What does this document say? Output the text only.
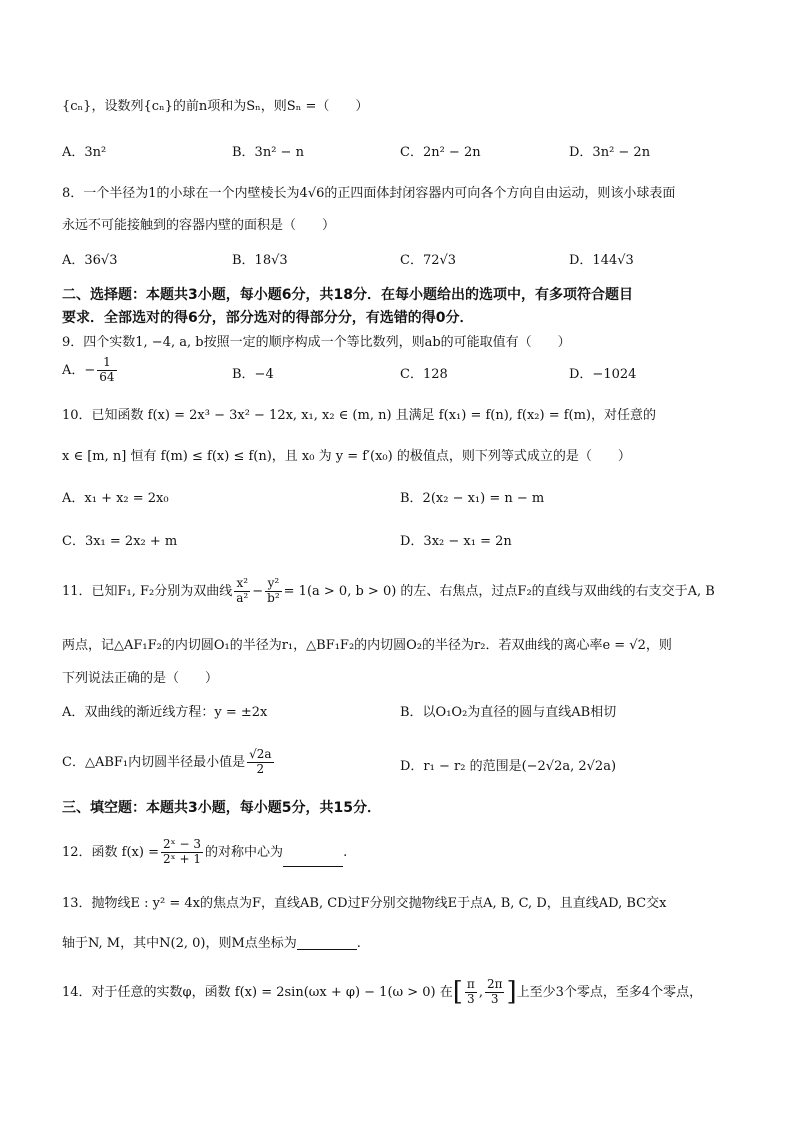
{cₙ}，设数列{cₙ}的前n项和为Sₙ，则Sₙ =（　　）
A．3n²	B．3n² − n	C．2n² − 2n	D．3n² − 2n
8．一个半径为1的小球在一个内壁棱长为4√6的正四面体封闭容器内可向各个方向自由运动，则该小球表面
永远不可能接触到的容器内壁的面积是（　　）
A．36√3	B．18√3	C．72√3	D．144√3
二、选择题：本题共3小题，每小题6分，共18分．在每小题给出的选项中，有多项符合题目
要求．全部选对的得6分，部分选对的得部分分，有选错的得0分．
9．四个实数1, −4, a, b按照一定的顺序构成一个等比数列，则ab的可能取值有（　　）
A．− $\frac{1}{64}$	B．−4	C．128	D．−1024
10．已知函数 f(x) = 2x³ − 3x² − 12x, x₁, x₂ ∈ (m, n) 且满足 f(x₁) = f(n), f(x₂) = f(m)，对任意的
x ∈ [m, n] 恒有 f(m) ≤ f(x) ≤ f(n)，且 x₀ 为 y = f′(x₀) 的极值点，则下列等式成立的是（　　）
A．x₁ + x₂ = 2x₀	B．2(x₂ − x₁) = n − m
C．3x₁ = 2x₂ + m	D．3x₂ − x₁ = 2n
11．已知F₁, F₂分别为双曲线 $\frac{\text{x²}}{\text{a²}} - \frac{\text{y²}}{\text{b²}} = 1(a > 0$, b > 0) 的左、右焦点，过点F₂的直线与双曲线的右支交于A, B
两点，记△AF₁F₂的内切圆O₁的半径为r₁，△BF₁F₂的内切圆O₂的半径为r₂．若双曲线的离心率e = √2，则
下列说法正确的是（　　）
A．双曲线的渐近线方程：y = ±2x	B．以O₁O₂为直径的圆与直线AB相切
C．△ABF₁内切圆半径最小值是 $\frac{√2a}{2}$	D．r₁ − r₂ 的范围是(−2√2a, 2√2a)
三、填空题：本题共3小题，每小题5分，共15分．
12．函数 $f(x) = \frac{\text{2ˣ − 3}}{\text{2ˣ + 1}}$ 的对称中心为	.
13．抛物线E : y² = 4x的焦点为F，直线AB, CD过F分别交抛物线E于点A, B, C, D，且直线AD, BC交x
轴于N, M，其中N(2, 0)，则M点坐标为	.
14．对于任意的实数φ，函数 f(x) = 2sin(ωx + φ) − 1(ω > 0) 在[ $\frac{\pi}{3}$ , $\frac{2\pi}{3}$ ]上至少3个零点，至多4个零点，
